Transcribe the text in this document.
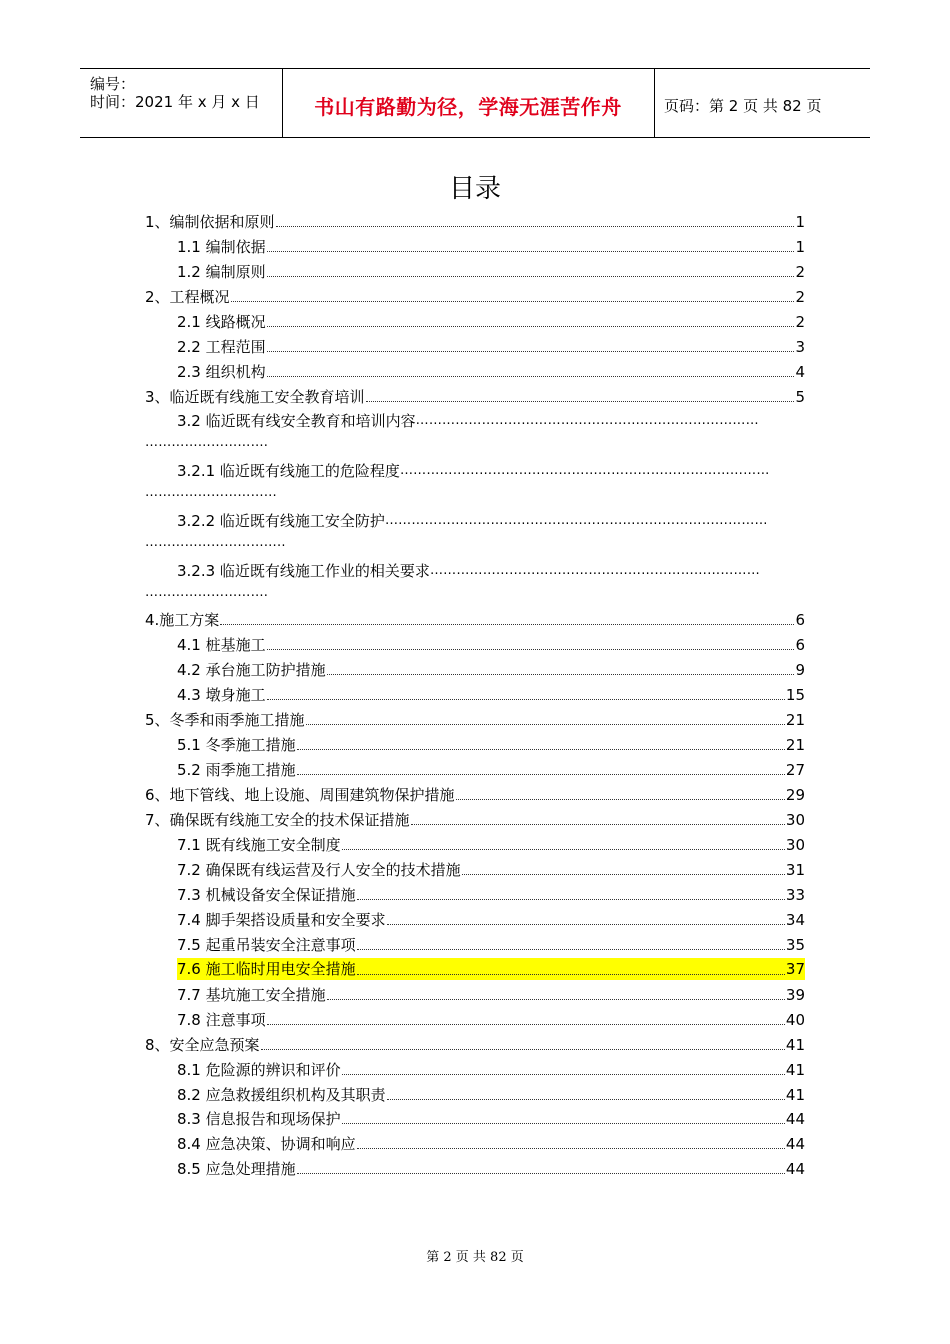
编号：
时间：2021 年 x 月 x 日	书山有路勤为径，学海无涯苦作舟	页码：第 2 页 共 82 页
目录
1、编制依据和原则	1
1.1 编制依据	1
1.2 编制原则	2
2、工程概况	2
2.1 线路概况	2
2.2 工程范围	3
2.3 组织机构	4
3、临近既有线施工安全教育培训	5
3.2 临近既有线安全教育和培训内容……………………………………………………………………
……………………….
3.2.1 临近既有线施工的危险程度…………………………………………………………………………
…………………………
3.2.2 临近既有线施工安全防护……………………………………………………………………………
…………………………..
3.2.3 临近既有线施工作业的相关要求…………………………………………………………………
……………………….
4.施工方案	6
4.1 桩基施工	6
4.2 承台施工防护措施	9
4.3 墩身施工	15
5、冬季和雨季施工措施	21
5.1 冬季施工措施	21
5.2 雨季施工措施	27
6、地下管线、地上设施、周围建筑物保护措施	29
7、确保既有线施工安全的技术保证措施	30
7.1 既有线施工安全制度	30
7.2 确保既有线运营及行人安全的技术措施	31
7.3 机械设备安全保证措施	33
7.4 脚手架搭设质量和安全要求	34
7.5 起重吊装安全注意事项	35
7.6 施工临时用电安全措施	37
7.7 基坑施工安全措施	39
7.8 注意事项	40
8、安全应急预案	41
8.1 危险源的辨识和评价	41
8.2 应急救援组织机构及其职责	41
8.3 信息报告和现场保护	44
8.4 应急决策、协调和响应	44
8.5 应急处理措施	44
第 2 页 共 82 页
